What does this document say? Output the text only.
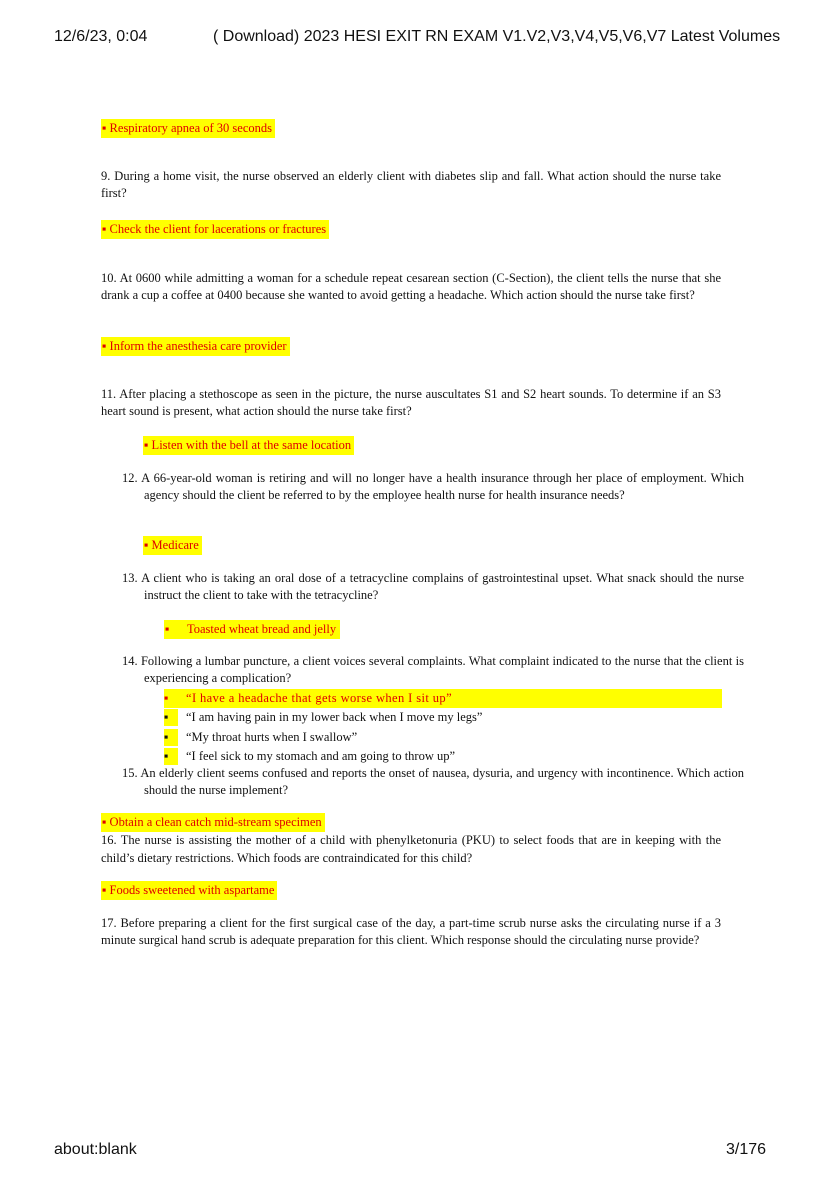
12/6/23, 0:04	( Download) 2023 HESI EXIT RN EXAM V1.V2,V3,V4,V5,V6,V7 Latest Volumes
▪ Respiratory apnea of 30 seconds
9. During a home visit, the nurse observed an elderly client with diabetes slip and fall. What action should the nurse take first?
▪ Check the client for lacerations or fractures
10. At 0600 while admitting a woman for a schedule repeat cesarean section (C-Section), the client tells the nurse that she drank a cup a coffee at 0400 because she wanted to avoid getting a headache. Which action should the nurse take first?
▪ Inform the anesthesia care provider
11. After placing a stethoscope as seen in the picture, the nurse auscultates S1 and S2 heart sounds. To determine if an S3 heart sound is present, what action should the nurse take first?
▪ Listen with the bell at the same location
12. A 66-year-old woman is retiring and will no longer have a health insurance through her place of employment. Which agency should the client be referred to by the employee health nurse for health insurance needs?
▪ Medicare
13. A client who is taking an oral dose of a tetracycline complains of gastrointestinal upset. What snack should the nurse instruct the client to take with the tetracycline?
▪ Toasted wheat bread and jelly
14. Following a lumbar puncture, a client voices several complaints. What complaint indicated to the nurse that the client is experiencing a complication?
▪ “I have a headache that gets worse when I sit up”
▪ “I am having pain in my lower back when I move my legs”
▪ “My throat hurts when I swallow”
▪ “I feel sick to my stomach and am going to throw up”
15. An elderly client seems confused and reports the onset of nausea, dysuria, and urgency with incontinence. Which action should the nurse implement?
▪ Obtain a clean catch mid-stream specimen
16. The nurse is assisting the mother of a child with phenylketonuria (PKU) to select foods that are in keeping with the child’s dietary restrictions. Which foods are contraindicated for this child?
▪ Foods sweetened with aspartame
17. Before preparing a client for the first surgical case of the day, a part-time scrub nurse asks the circulating nurse if a 3 minute surgical hand scrub is adequate preparation for this client. Which response should the circulating nurse provide?
about:blank	3/176
